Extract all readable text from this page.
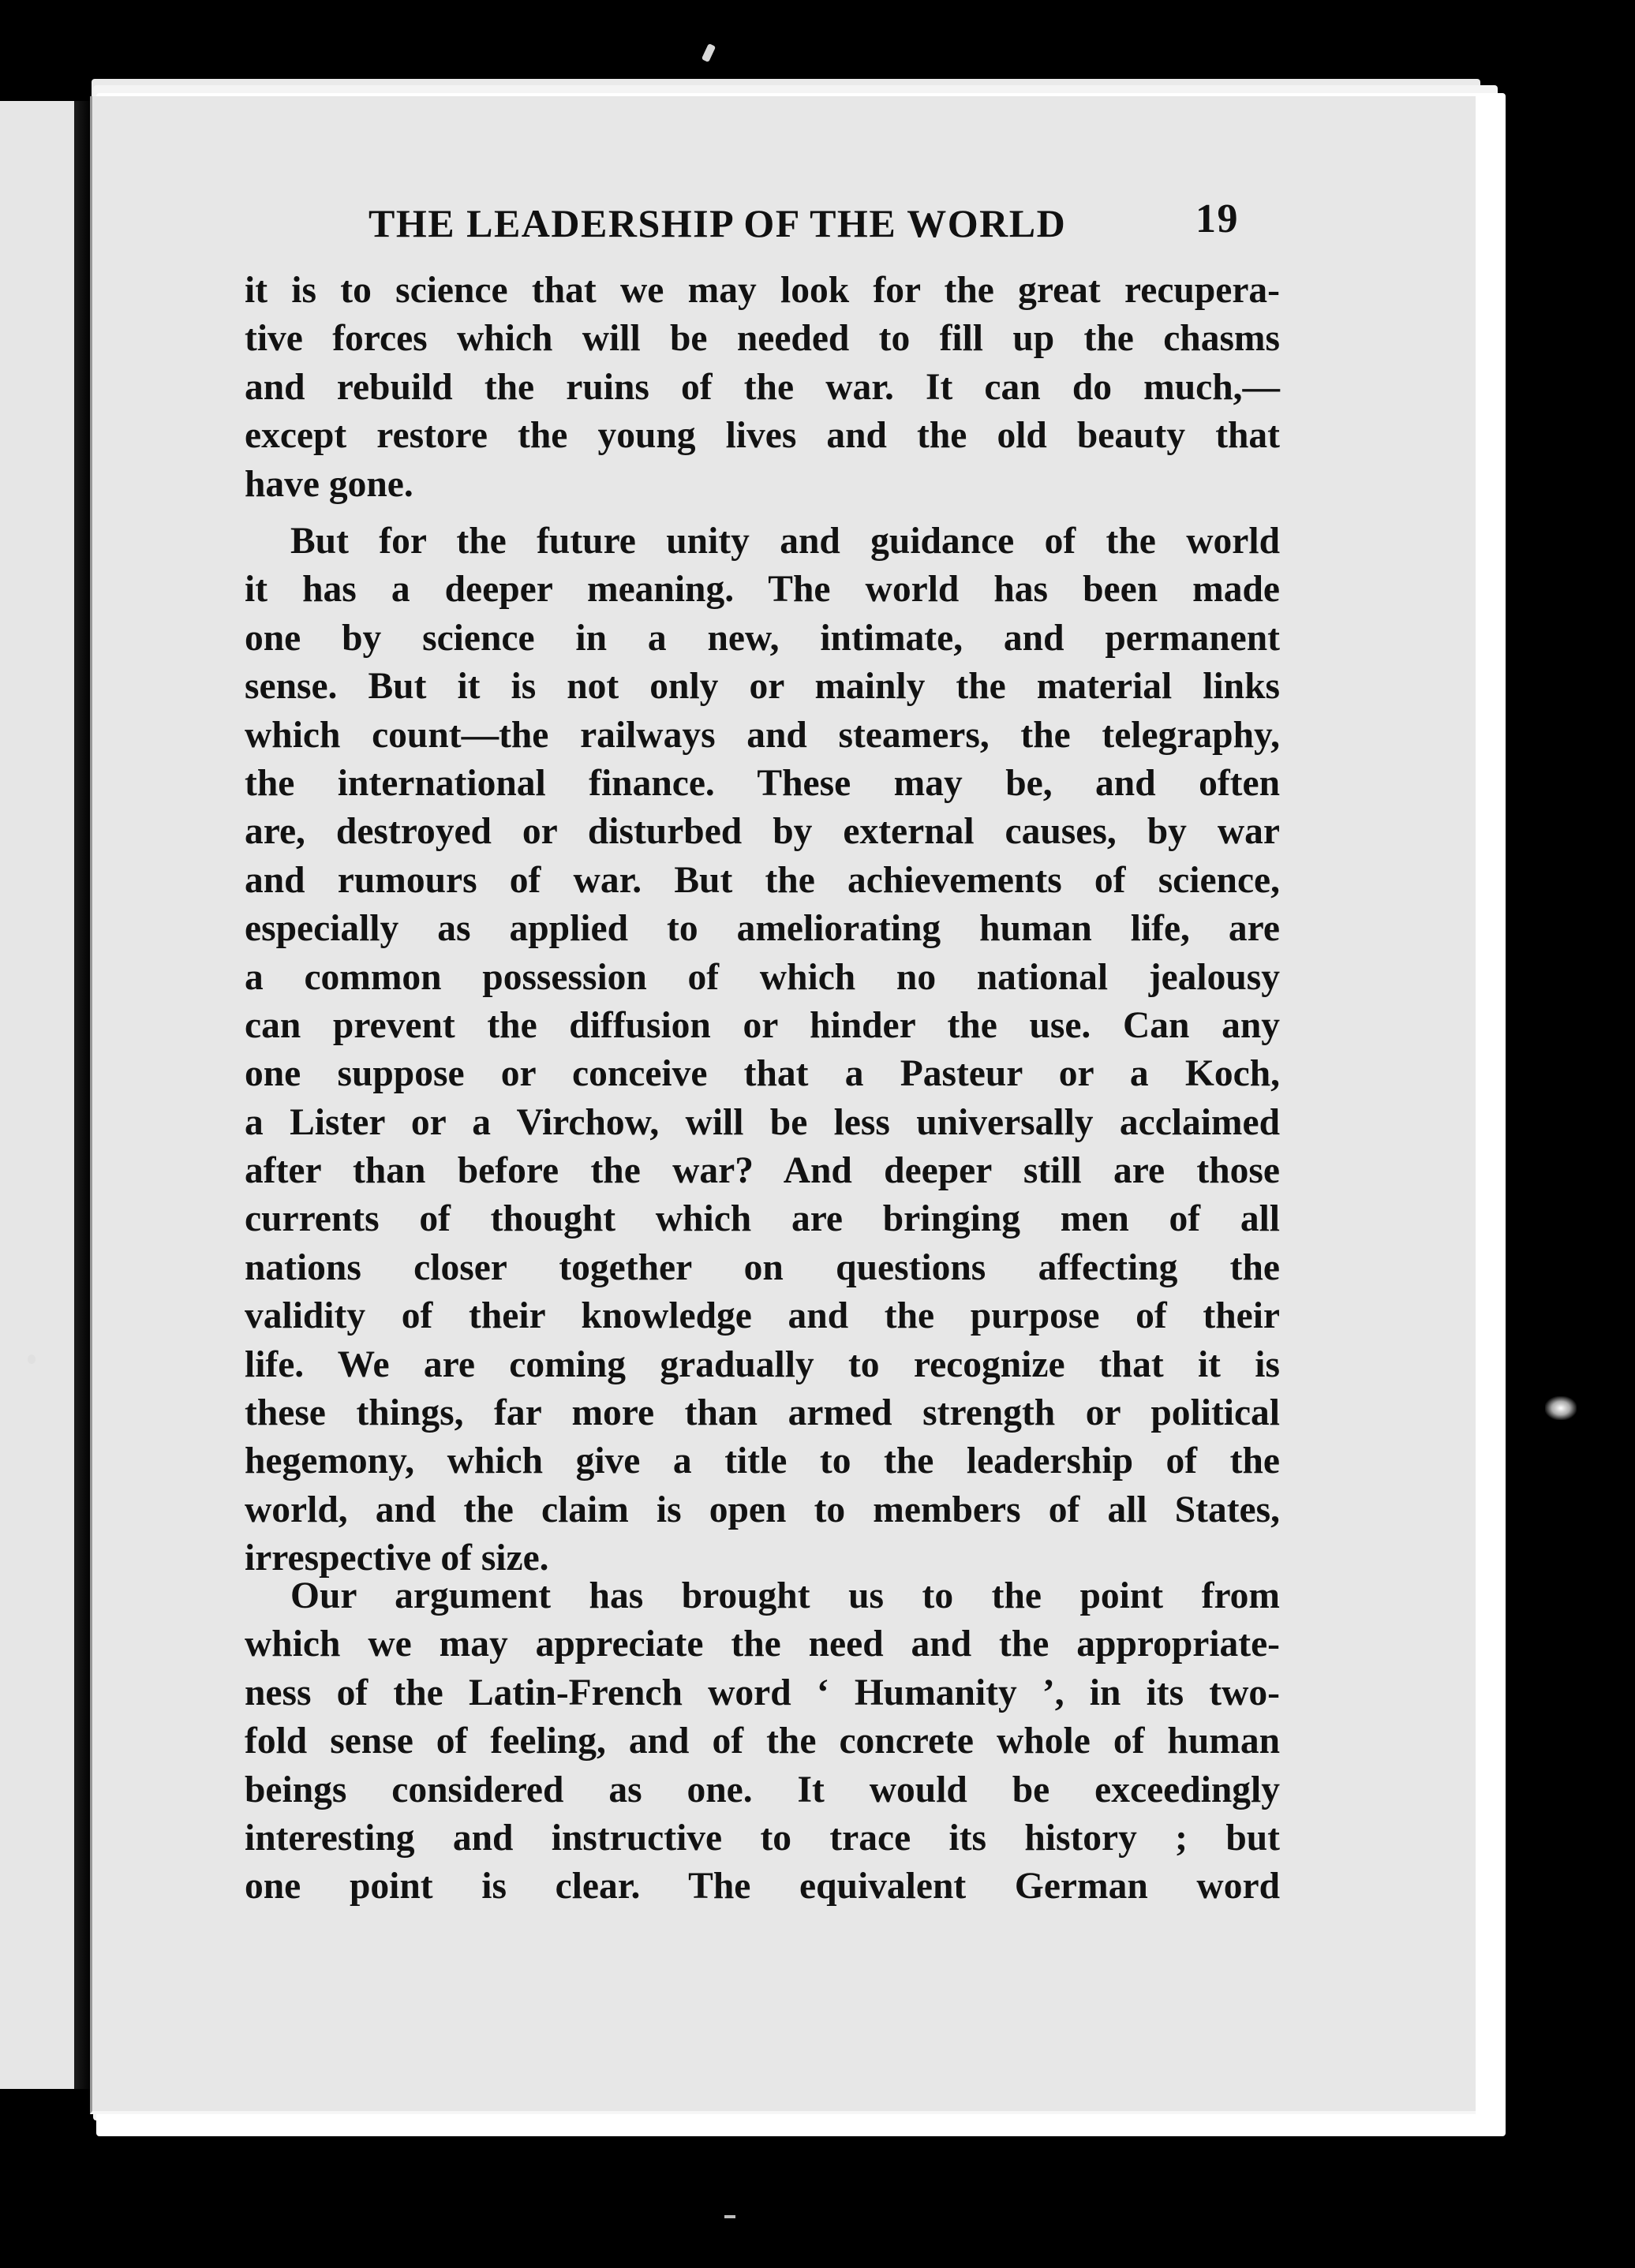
THE LEADERSHIP OF THE WORLD	19
it is to science that we may look for the great recupera-
tive forces which will be needed to fill up the chasms
and rebuild the ruins of the war. It can do much,—
except restore the young lives and the old beauty that
have gone.
But for the future unity and guidance of the world
it has a deeper meaning. The world has been made
one by science in a new, intimate, and permanent
sense. But it is not only or mainly the material links
which count—the railways and steamers, the telegraphy,
the international finance. These may be, and often
are, destroyed or disturbed by external causes, by war
and rumours of war. But the achievements of science,
especially as applied to ameliorating human life, are
a common possession of which no national jealousy
can prevent the diffusion or hinder the use. Can any
one suppose or conceive that a Pasteur or a Koch,
a Lister or a Virchow, will be less universally acclaimed
after than before the war? And deeper still are those
currents of thought which are bringing men of all
nations closer together on questions affecting the
validity of their knowledge and the purpose of their
life. We are coming gradually to recognize that it is
these things, far more than armed strength or political
hegemony, which give a title to the leadership of the
world, and the claim is open to members of all States,
irrespective of size.
Our argument has brought us to the point from
which we may appreciate the need and the appropriate-
ness of the Latin-French word ‘ Humanity ’, in its two-
fold sense of feeling, and of the concrete whole of human
beings considered as one. It would be exceedingly
interesting and instructive to trace its history ; but
one point is clear. The equivalent German word
